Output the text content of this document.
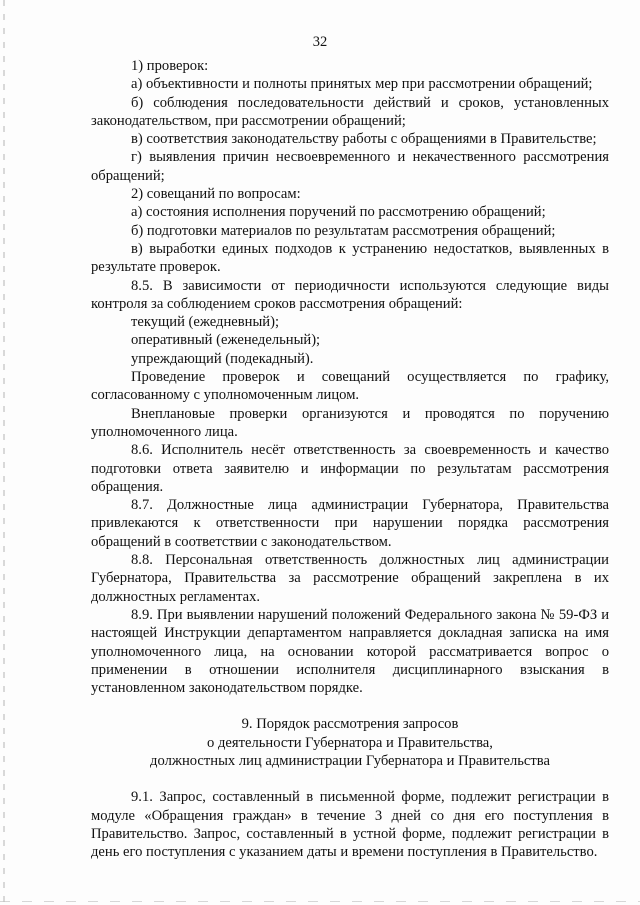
32

1) проверок:

а) объективности и полноты принятых мер при рассмотрении обращений;

б) соблюдения последовательности действий и сроков, установленных законодательством, при рассмотрении обращений;

в) соответствия законодательству работы с обращениями в Правительстве;

г) выявления причин несвоевременного и некачественного рассмотрения обращений;

2) совещаний по вопросам:

а) состояния исполнения поручений по рассмотрению обращений;

б) подготовки материалов по результатам рассмотрения обращений;

в) выработки единых подходов к устранению недостатков, выявленных в результате проверок.

8.5. В зависимости от периодичности используются следующие виды контроля за соблюдением сроков рассмотрения обращений:

текущий (ежедневный);

оперативный (еженедельный);

упреждающий (подекадный).

Проведение проверок и совещаний осуществляется по графику, согласованному с уполномоченным лицом.

Внеплановые проверки организуются и проводятся по поручению уполномоченного лица.

8.6. Исполнитель несёт ответственность за своевременность и качество подготовки ответа заявителю и информации по результатам рассмотрения обращения.

8.7. Должностные лица администрации Губернатора, Правительства привлекаются к ответственности при нарушении порядка рассмотрения обращений в соответствии с законодательством.

8.8. Персональная ответственность должностных лиц администрации Губернатора, Правительства за рассмотрение обращений закреплена в их должностных регламентах.

8.9. При выявлении нарушений положений Федерального закона № 59-ФЗ и настоящей Инструкции департаментом направляется докладная записка на имя уполномоченного лица, на основании которой рассматривается вопрос о применении в отношении исполнителя дисциплинарного взыскания в установленном законодательством порядке.

9. Порядок рассмотрения запросов

о деятельности Губернатора и Правительства,

должностных лиц администрации Губернатора и Правительства

9.1. Запрос, составленный в письменной форме, подлежит регистрации в модуле «Обращения граждан» в течение 3 дней со дня его поступления в Правительство. Запрос, составленный в устной форме, подлежит регистрации в день его поступления с указанием даты и времени поступления в Правительство.
